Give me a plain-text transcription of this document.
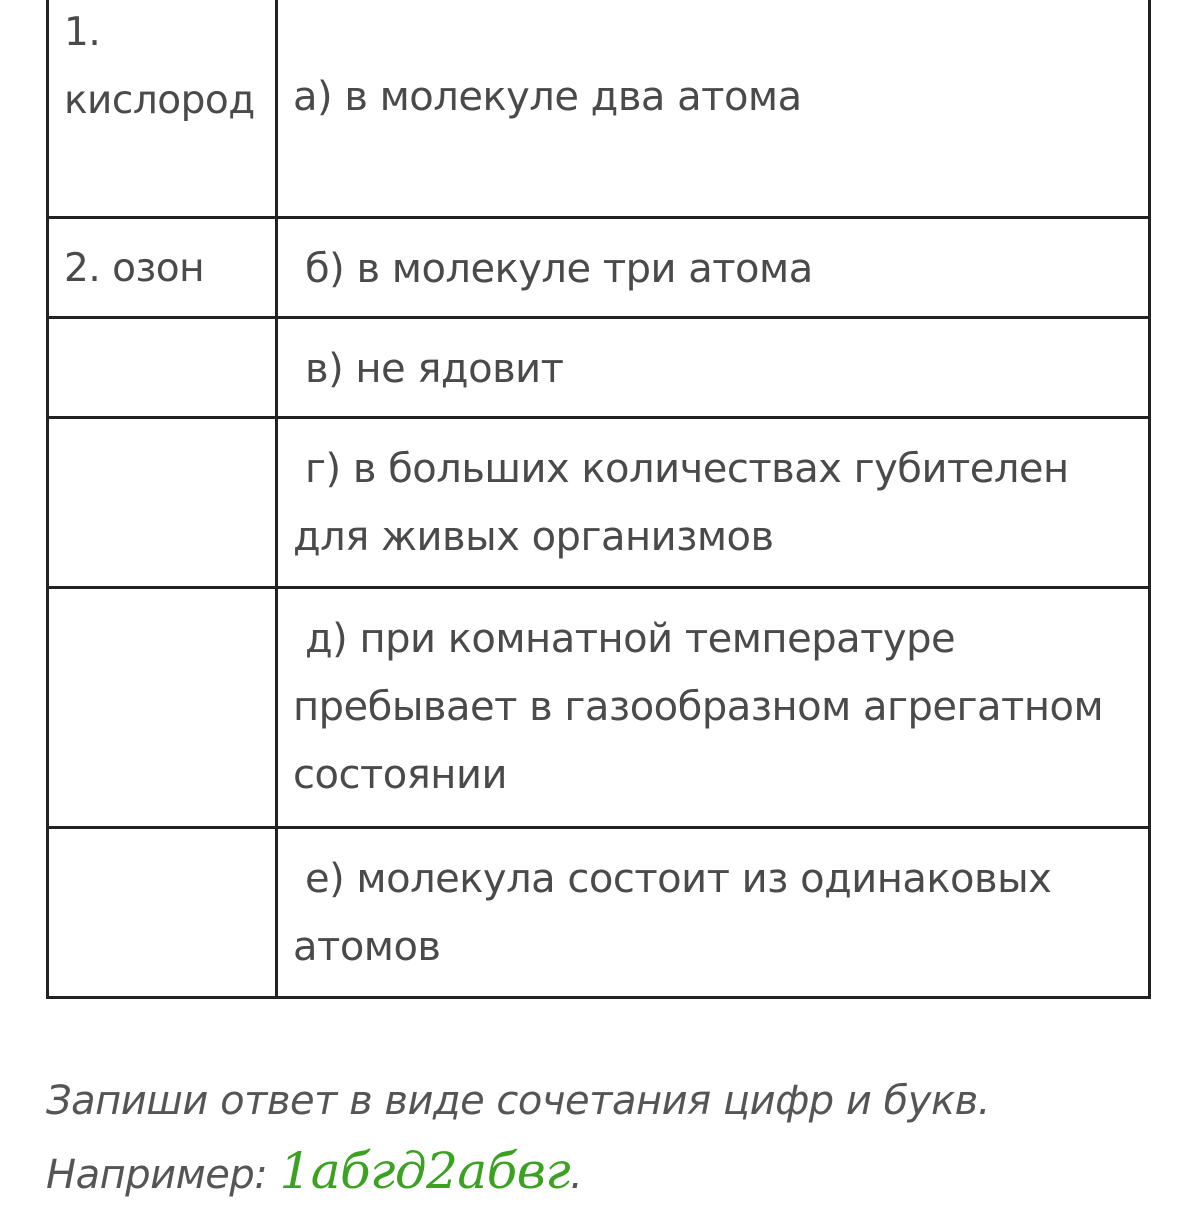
1. кислород	а) в молекуле два атома

2. озон	б) в молекуле три атома

	в) не ядовит

	г) в больших количествах губителен для живых организмов

	д) при комнатной температуре пребывает в газообразном агрегатном состоянии

	е) молекула состоит из одинаковых атомов
Запиши ответ в виде сочетания цифр и букв.
Например: 1абгд2абвг.
